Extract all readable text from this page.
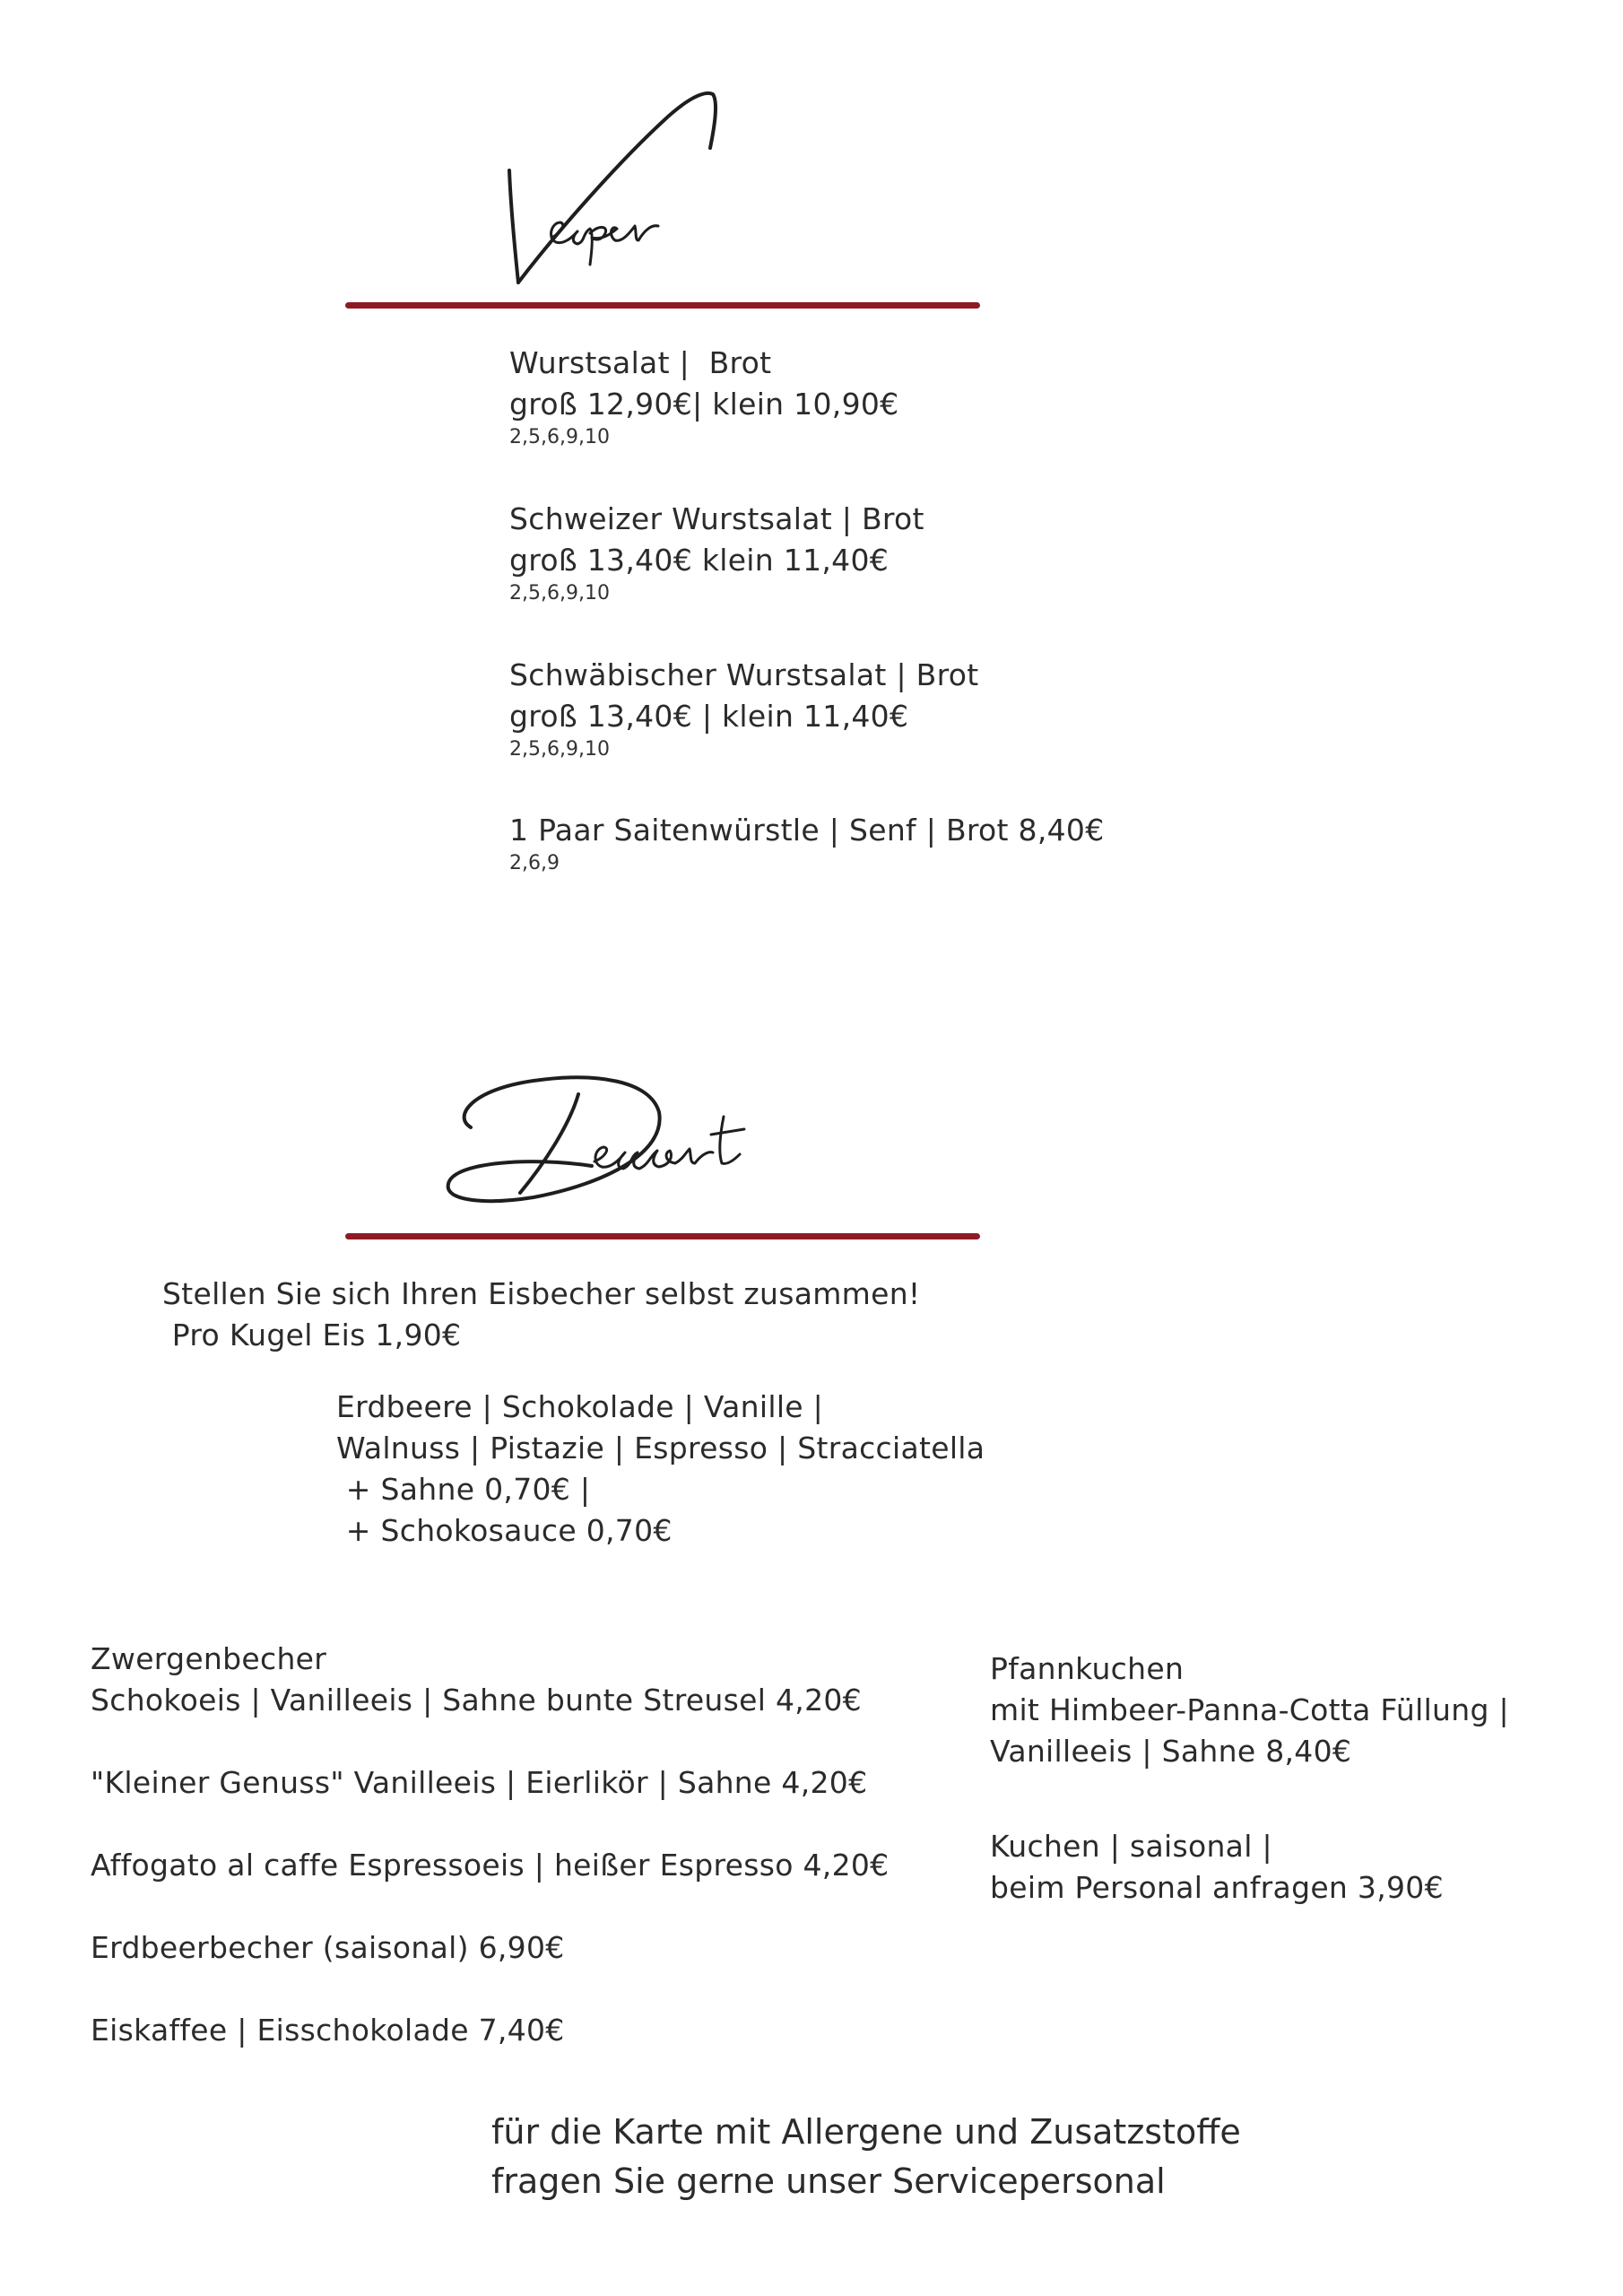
Wurstsalat |  Brot
groß 12,90€| klein 10,90€
2,5,6,9,10
Schweizer Wurstsalat | Brot
groß 13,40€ klein 11,40€
2,5,6,9,10
Schwäbischer Wurstsalat | Brot
groß 13,40€ | klein 11,40€
2,5,6,9,10
1 Paar Saitenwürstle | Senf | Brot 8,40€
2,6,9
Stellen Sie sich Ihren Eisbecher selbst zusammen!
Pro Kugel Eis 1,90€
Erdbeere | Schokolade | Vanille |
Walnuss | Pistazie | Espresso | Stracciatella
+ Sahne 0,70€ |
+ Schokosauce 0,70€
Zwergenbecher
Schokoeis | Vanilleeis | Sahne bunte Streusel 4,20€
"Kleiner Genuss" Vanilleeis | Eierlikör | Sahne 4,20€
Affogato al caffe Espressoeis | heißer Espresso 4,20€
Erdbeerbecher (saisonal) 6,90€
Eiskaffee | Eisschokolade 7,40€
Pfannkuchen
mit Himbeer-Panna-Cotta Füllung |
Vanilleeis | Sahne 8,40€
Kuchen | saisonal |
beim Personal anfragen 3,90€
für die Karte mit Allergene und Zusatzstoffe
fragen Sie gerne unser Servicepersonal
